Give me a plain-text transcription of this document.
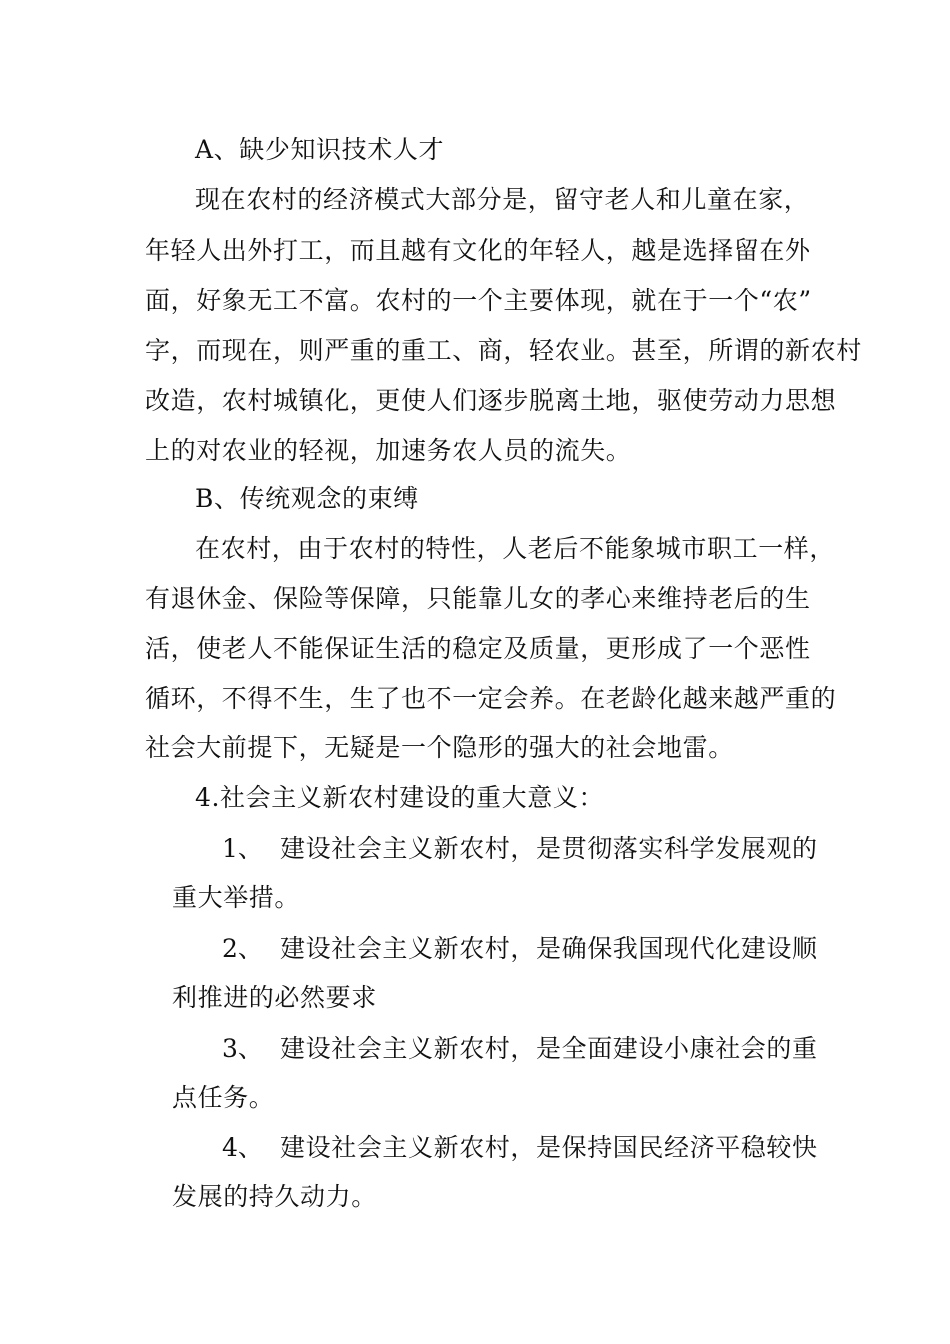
A、缺少知识技术人才
现在农村的经济模式大部分是，留守老人和儿童在家，
年轻人出外打工，而且越有文化的年轻人，越是选择留在外
面，好象无工不富。农村的一个主要体现，就在于一个“农”
字，而现在，则严重的重工、商，轻农业。甚至，所谓的新农村
改造，农村城镇化，更使人们逐步脱离土地，驱使劳动力思想
上的对农业的轻视，加速务农人员的流失。
B、传统观念的束缚
在农村，由于农村的特性，人老后不能象城市职工一样，
有退休金、保险等保障，只能靠儿女的孝心来维持老后的生
活，使老人不能保证生活的稳定及质量，更形成了一个恶性
循环，不得不生，生了也不一定会养。在老龄化越来越严重的
社会大前提下，无疑是一个隐形的强大的社会地雷。
4.社会主义新农村建设的重大意义：
1、 建设社会主义新农村，是贯彻落实科学发展观的
重大举措。
2、 建设社会主义新农村，是确保我国现代化建设顺
利推进的必然要求
3、 建设社会主义新农村，是全面建设小康社会的重
点任务。
4、 建设社会主义新农村，是保持国民经济平稳较快
发展的持久动力。
